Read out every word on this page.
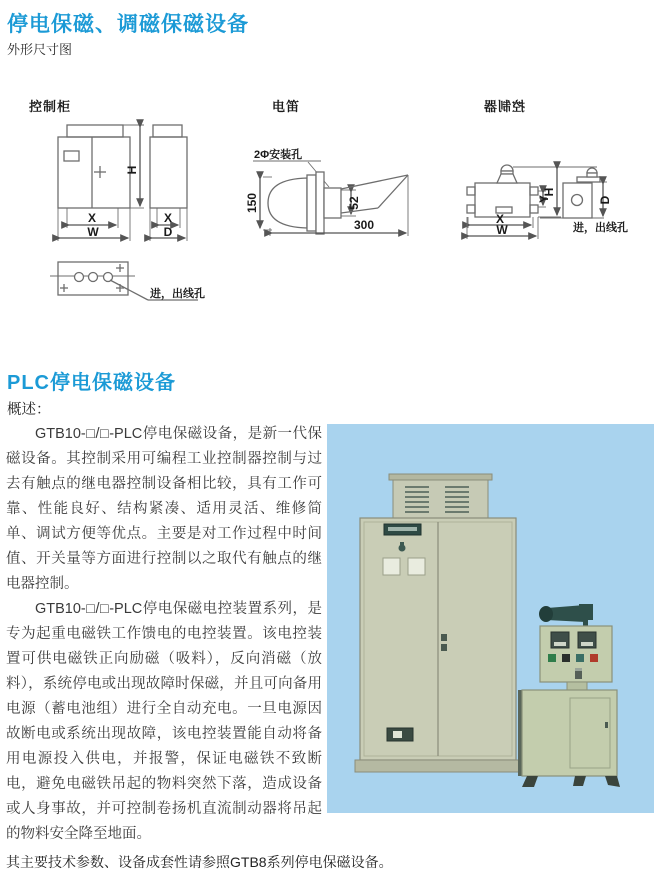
停电保磁、调磁保磁设备
外形尺寸图
控制柜	电笛	控制器
H
X
W
X
D
进，出线孔
2Φ安装孔
150	52
300	X
W
Y
H
D
进，出线孔
PLC停电保磁设备
概述：

GTB10-□/□-PLC停电保磁设备，是新一代保磁设备。其控制采用可编程工业控制器控制与过去有触点的继电器控制设备相比较，具有工作可靠、性能良好、结构紧凑、适用灵活、维修简单、调试方便等优点。主要是对工作过程中时间值、开关量等方面进行控制以之取代有触点的继电器控制。

GTB10-□/□-PLC停电保磁电控装置系列，是专为起重电磁铁工作馈电的电控装置。该电控装置可供电磁铁正向励磁（吸料），反向消磁（放料），系统停电或出现故障时保磁，并且可向备用电源（蓄电池组）进行全自动充电。一旦电源因故断电或系统出现故障，该电控装置能自动将备用电源投入供电，并报警，保证电磁铁不致断电，避免电磁铁吊起的物料突然下落，造成设备或人身事故，并可控制卷扬机直流制动器将吊起的物料安全降至地面。

其主要技术参数、设备成套性请参照GTB8系列停电保磁设备。
